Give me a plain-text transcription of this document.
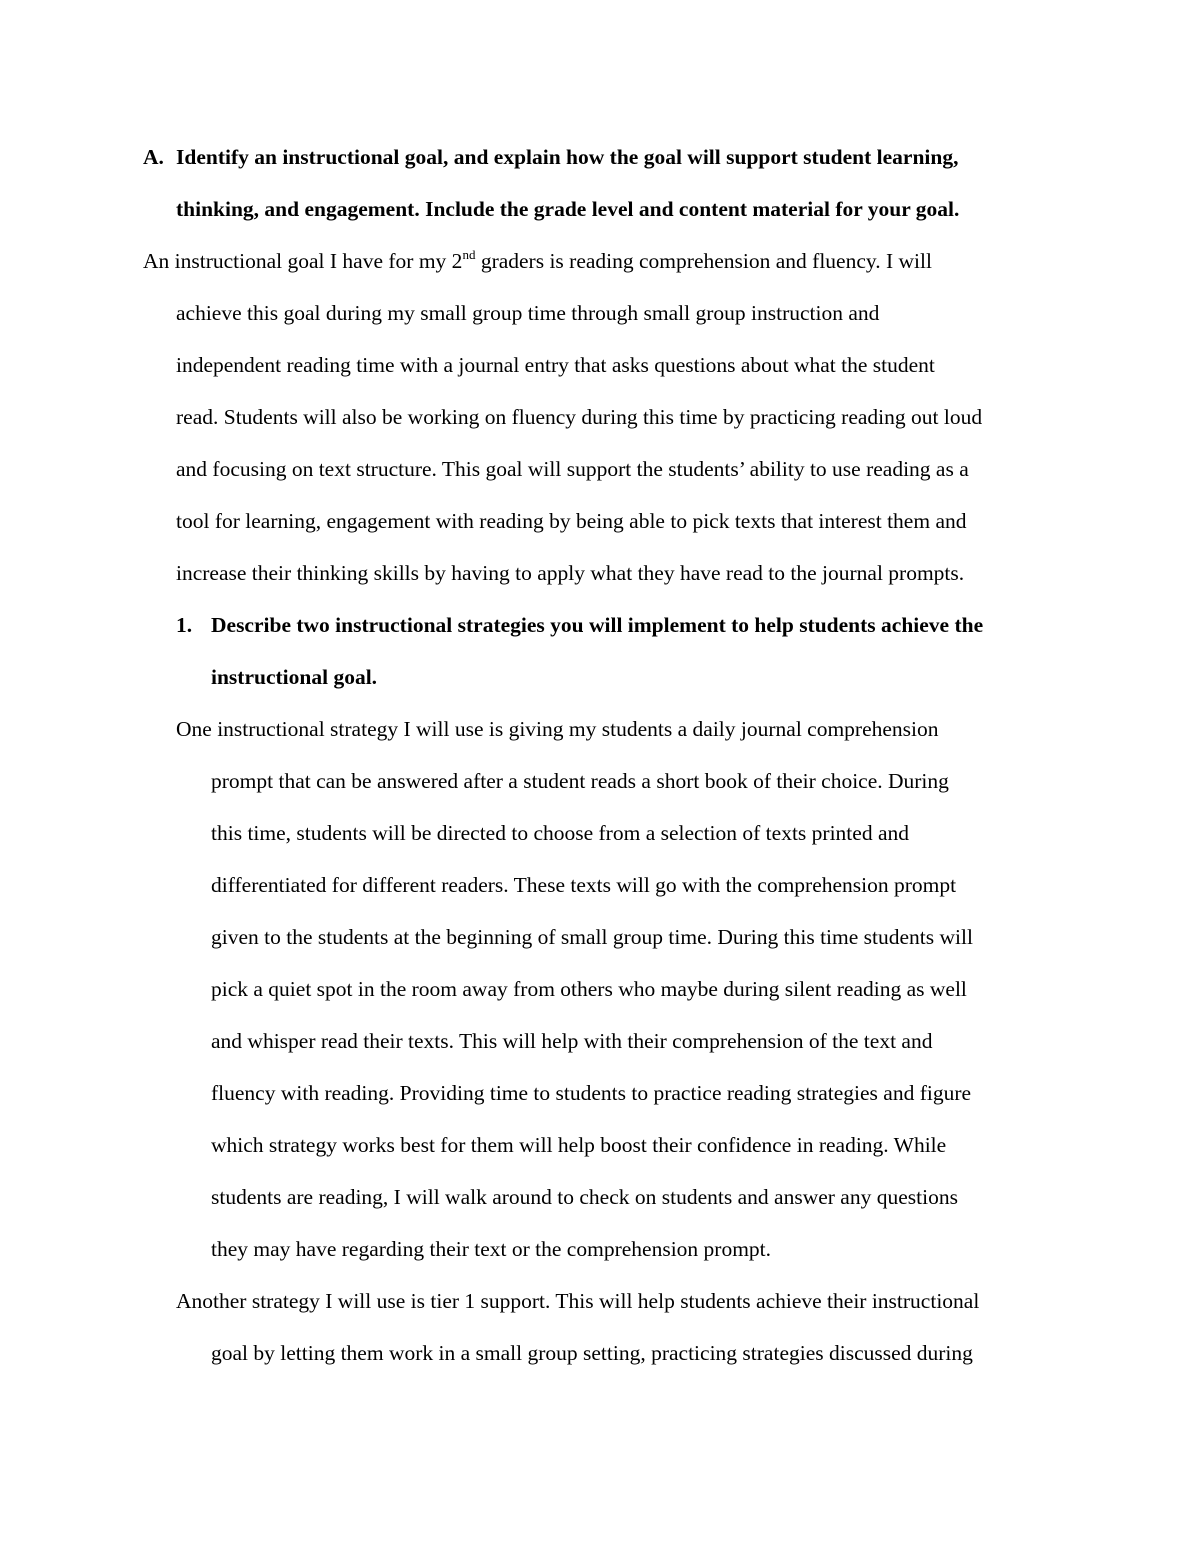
A. Identify an instructional goal, and explain how the goal will support student learning,
thinking, and engagement. Include the grade level and content material for your goal.
An instructional goal I have for my 2nd graders is reading comprehension and fluency. I will
achieve this goal during my small group time through small group instruction and
independent reading time with a journal entry that asks questions about what the student
read. Students will also be working on fluency during this time by practicing reading out loud
and focusing on text structure. This goal will support the students’ ability to use reading as a
tool for learning, engagement with reading by being able to pick texts that interest them and
increase their thinking skills by having to apply what they have read to the journal prompts.
1. Describe two instructional strategies you will implement to help students achieve the
instructional goal.
One instructional strategy I will use is giving my students a daily journal comprehension
prompt that can be answered after a student reads a short book of their choice. During
this time, students will be directed to choose from a selection of texts printed and
differentiated for different readers. These texts will go with the comprehension prompt
given to the students at the beginning of small group time. During this time students will
pick a quiet spot in the room away from others who maybe during silent reading as well
and whisper read their texts. This will help with their comprehension of the text and
fluency with reading. Providing time to students to practice reading strategies and figure
which strategy works best for them will help boost their confidence in reading. While
students are reading, I will walk around to check on students and answer any questions
they may have regarding their text or the comprehension prompt.
Another strategy I will use is tier 1 support. This will help students achieve their instructional
goal by letting them work in a small group setting, practicing strategies discussed during
